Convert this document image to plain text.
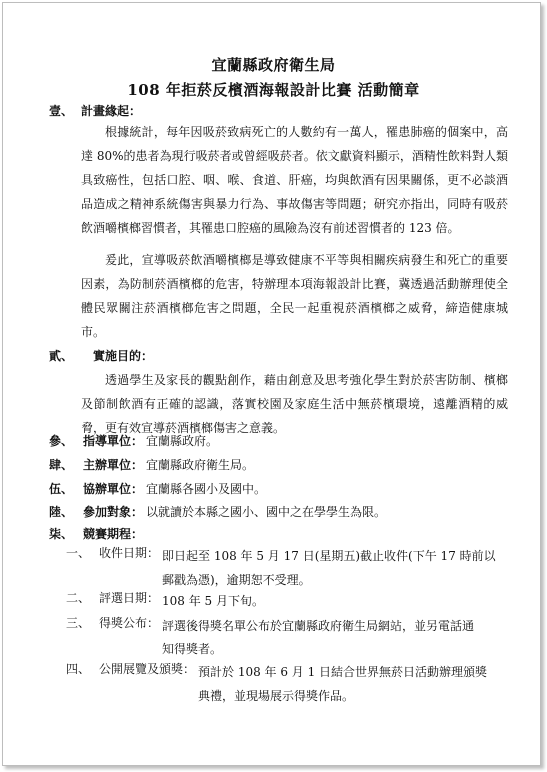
宜蘭縣政府衛生局
108 年拒菸反檳酒海報設計比賽 活動簡章
壹、 計畫緣起：

根據統計，每年因吸菸致病死亡的人數約有一萬人，罹患肺癌的個案中，高達 80%的患者為現行吸菸者或曾經吸菸者。依文獻資料顯示，酒精性飲料對人類具致癌性，包括口腔、咽、喉、食道、肝癌，均與飲酒有因果關係，更不必談酒品造成之精神系統傷害與暴力行為、事故傷害等問題；研究亦指出，同時有吸菸飲酒嚼檳榔習慣者，其罹患口腔癌的風險為沒有前述習慣者的 123 倍。

爰此，宣導吸菸飲酒嚼檳榔是導致健康不平等與相關疾病發生和死亡的重要因素，為防制菸酒檳榔的危害，特辦理本項海報設計比賽，冀透過活動辦理使全體民眾關注菸酒檳榔危害之問題，全民一起重視菸酒檳榔之威脅，締造健康城市。

貳、 實施目的：

透過學生及家長的觀點創作，藉由創意及思考強化學生對於菸害防制、檳榔及節制飲酒有正確的認識，落實校園及家庭生活中無菸檳環境，遠離酒精的威脅，更有效宣導菸酒檳榔傷害之意義。

參、 指導單位： 宜蘭縣政府。
肆、 主辦單位： 宜蘭縣政府衛生局。
伍、 協辦單位： 宜蘭縣各國小及國中。
陸、 參加對象： 以就讀於本縣之國小、國中之在學學生為限。
柒、 競賽期程：
一、 收件日期： 即日起至 108 年 5 月 17 日(星期五)截止收件(下午 17 時前以
郵戳為憑)，逾期恕不受理。
二、 評選日期： 108 年 5 月下旬。
三、 得獎公布： 評選後得獎名單公布於宜蘭縣政府衛生局網站，並另電話通
知得獎者。
四、 公開展覽及頒獎： 預計於 108 年 6 月 1 日結合世界無菸日活動辦理頒獎
典禮，並現場展示得獎作品。
